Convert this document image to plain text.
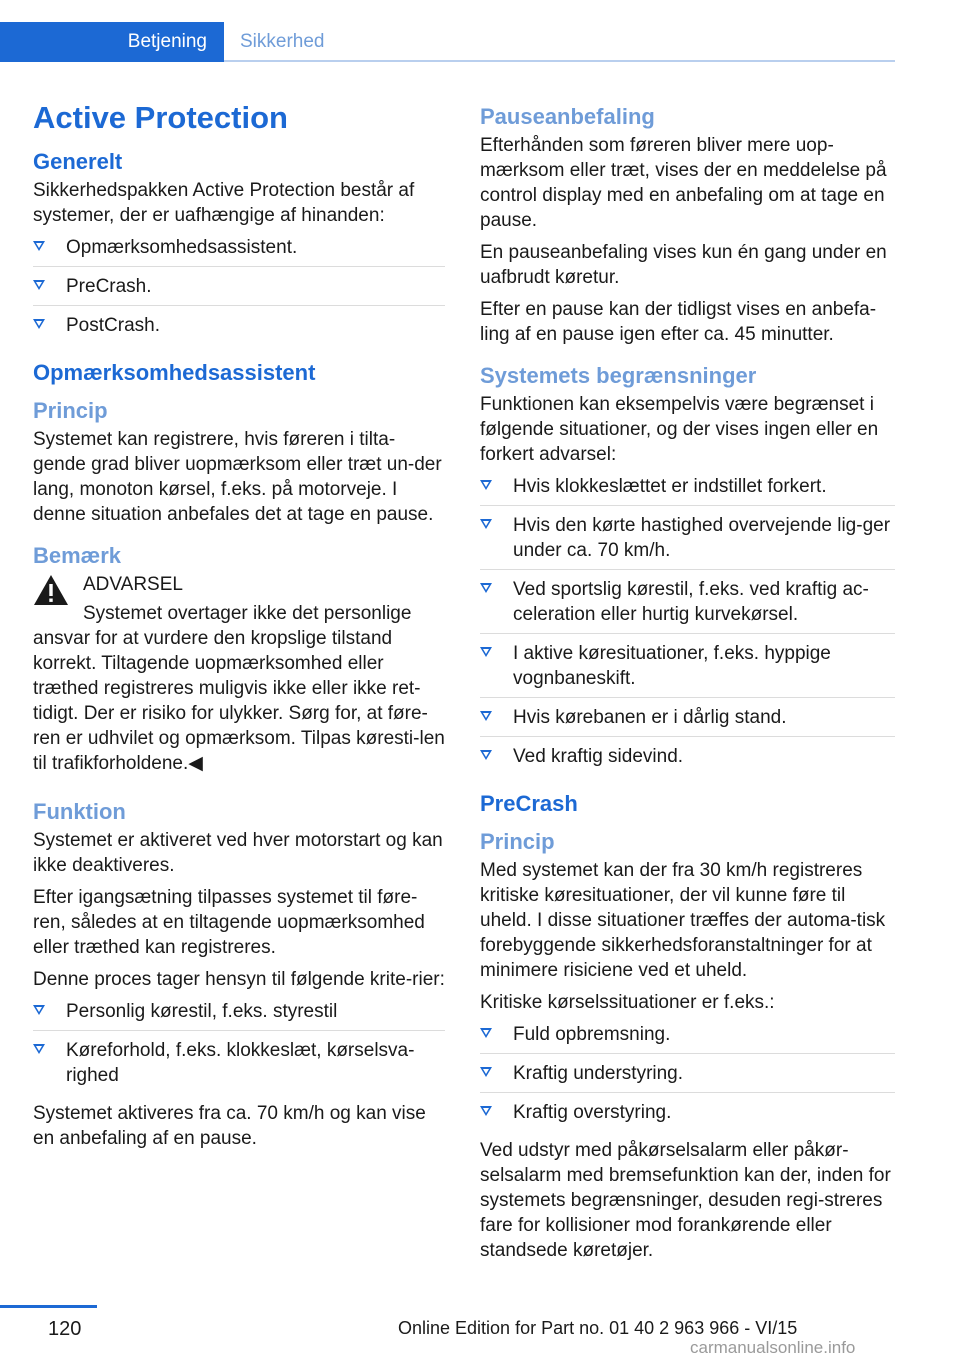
Betjening Sikkerhed
Active Protection
Generelt

Sikkerhedspakken Active Protection består af systemer, der er uafhængige af hinanden:

Opmærksomhedsassistent.
PreCrash.
PostCrash.
Opmærksomhedsassistent
Princip

Systemet kan registrere, hvis føreren i tilta‐gende grad bliver uopmærksom eller træt un‐der lang, monoton kørsel, f.eks. på motorveje. I denne situation anbefales det at tage en pause.

Bemærk
ADVARSEL
Systemet overtager ikke det personlige
ansvar for at vurdere den kropslige tilstand korrekt. Tiltagende uopmærksomhed eller træthed registreres muligvis ikke eller ikke ret‐tidigt. Der er risiko for ulykker. Sørg for, at føre‐ren er udhvilet og opmærksom. Tilpas køresti‐len til trafikforholdene.◀
Funktion

Systemet er aktiveret ved hver motorstart og kan ikke deaktiveres.

Efter igangsætning tilpasses systemet til føre‐ren, således at en tiltagende uopmærksomhed eller træthed kan registreres.

Denne proces tager hensyn til følgende krite‐rier:

Personlig kørestil, f.eks. styrestil
Køreforhold, f.eks. klokkeslæt, kørselsva‐righed

Systemet aktiveres fra ca. 70 km/h og kan vise en anbefaling af en pause.

Pauseanbefaling

Efterhånden som føreren bliver mere uop‐mærksom eller træt, vises der en meddelelse på control display med en anbefaling om at tage en pause.

En pauseanbefaling vises kun én gang under en uafbrudt køretur.

Efter en pause kan der tidligst vises en anbefa‐ling af en pause igen efter ca. 45 minutter.

Systemets begrænsninger

Funktionen kan eksempelvis være begrænset i følgende situationer, og der vises ingen eller en forkert advarsel:

Hvis klokkeslættet er indstillet forkert.
Hvis den kørte hastighed overvejende lig‐ger under ca. 70 km/h.
Ved sportslig kørestil, f.eks. ved kraftig ac‐celeration eller hurtig kurvekørsel.
I aktive køresituationer, f.eks. hyppige vognbaneskift.
Hvis kørebanen er i dårlig stand.
Ved kraftig sidevind.
PreCrash
Princip

Med systemet kan der fra 30 km/h registreres kritiske køresituationer, der vil kunne føre til uheld. I disse situationer træffes der automa‐tisk forebyggende sikkerhedsforanstaltninger for at minimere risiciene ved et uheld.

Kritiske kørselssituationer er f.eks.:

Fuld opbremsning.
Kraftig understyring.
Kraftig overstyring.

Ved udstyr med påkørselsalarm eller påkør‐selsalarm med bremsefunktion kan der, inden for systemets begrænsninger, desuden regi‐streres fare for kollisioner mod forankørende eller standsede køretøjer.

120	Online Edition for Part no. 01 40 2 963 966 - VI/15
carmanualsonline.info
